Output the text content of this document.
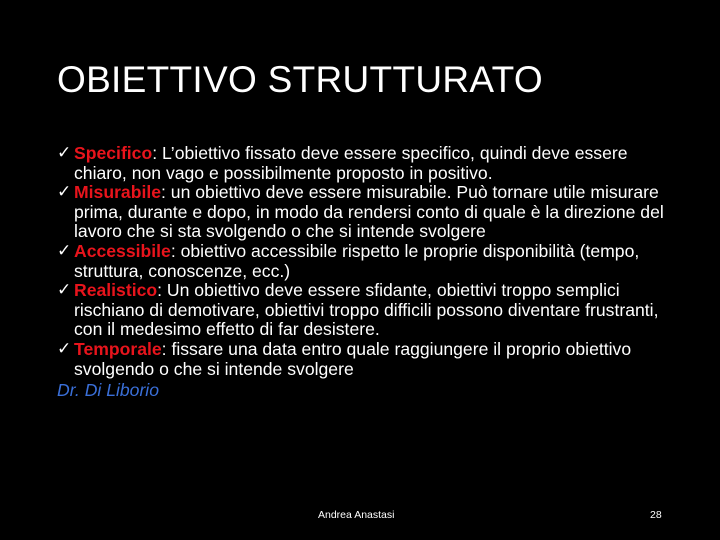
OBIETTIVO STRUTTURATO
✓ Specifico: L’obiettivo fissato deve essere specifico, quindi deve essere chiaro, non vago e possibilmente proposto in positivo.
✓ Misurabile: un obiettivo deve essere misurabile. Può tornare utile misurare prima, durante e dopo, in modo da rendersi conto di quale è la direzione del lavoro che si sta svolgendo o che si intende svolgere
✓ Accessibile: obiettivo accessibile rispetto le proprie disponibilità (tempo, struttura, conoscenze, ecc.)
✓ Realistico: Un obiettivo deve essere sfidante, obiettivi troppo semplici rischiano di demotivare, obiettivi troppo difficili possono diventare frustranti, con il medesimo effetto di far desistere.
✓ Temporale: fissare una data entro quale raggiungere il proprio obiettivo svolgendo o che si intende svolgere
Dr. Di Liborio
Andrea Anastasi	28
